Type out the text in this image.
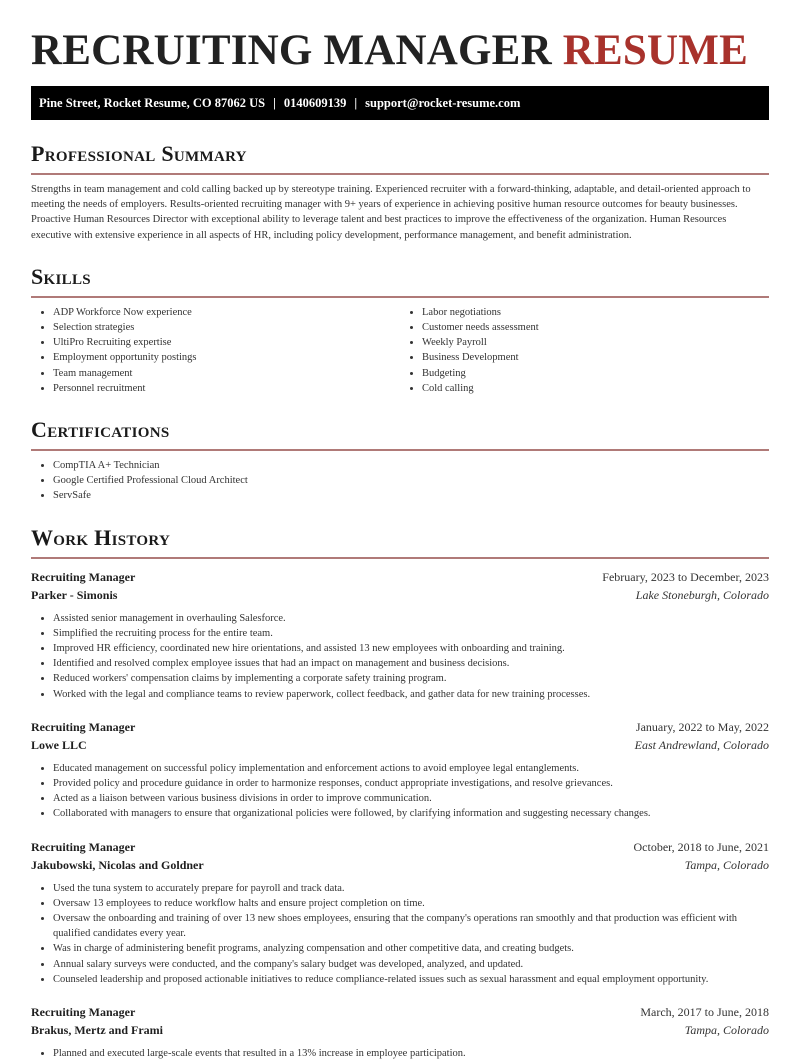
RECRUITING MANAGER RESUME
Pine Street, Rocket Resume, CO 87062 US | 0140609139 | support@rocket-resume.com
Professional Summary

Strengths in team management and cold calling backed up by stereotype training. Experienced recruiter with a forward-thinking, adaptable, and detail-oriented approach to meeting the needs of employers. Results-oriented recruiting manager with 9+ years of experience in achieving positive human resource outcomes for beauty businesses. Proactive Human Resources Director with exceptional ability to leverage talent and best practices to improve the effectiveness of the organization. Human Resources executive with extensive experience in all aspects of HR, including policy development, performance management, and benefit administration.

Skills
• ADP Workforce Now experience
• Selection strategies
• UltiPro Recruiting expertise
• Employment opportunity postings
• Team management
• Personnel recruitment
• Labor negotiations
• Customer needs assessment
• Weekly Payroll
• Business Development
• Budgeting
• Cold calling
Certifications
• CompTIA A+ Technician
• Google Certified Professional Cloud Architect
• ServSafe
Work History
Recruiting Manager	February, 2023 to December, 2023
Parker - Simonis	Lake Stoneburgh, Colorado
• Assisted senior management in overhauling Salesforce.
• Simplified the recruiting process for the entire team.
• Improved HR efficiency, coordinated new hire orientations, and assisted 13 new employees with onboarding and training.
• Identified and resolved complex employee issues that had an impact on management and business decisions.
• Reduced workers' compensation claims by implementing a corporate safety training program.
• Worked with the legal and compliance teams to review paperwork, collect feedback, and gather data for new training processes.
Recruiting Manager	January, 2022 to May, 2022
Lowe LLC	East Andrewland, Colorado
• Educated management on successful policy implementation and enforcement actions to avoid employee legal entanglements.
• Provided policy and procedure guidance in order to harmonize responses, conduct appropriate investigations, and resolve grievances.
• Acted as a liaison between various business divisions in order to improve communication.
• Collaborated with managers to ensure that organizational policies were followed, by clarifying information and suggesting necessary changes.
Recruiting Manager	October, 2018 to June, 2021
Jakubowski, Nicolas and Goldner	Tampa, Colorado
• Used the tuna system to accurately prepare for payroll and track data.
• Oversaw 13 employees to reduce workflow halts and ensure project completion on time.
• Oversaw the onboarding and training of over 13 new shoes employees, ensuring that the company's operations ran smoothly and that production was efficient with qualified candidates every year.
• Was in charge of administering benefit programs, analyzing compensation and other competitive data, and creating budgets.
• Annual salary surveys were conducted, and the company's salary budget was developed, analyzed, and updated.
• Counseled leadership and proposed actionable initiatives to reduce compliance-related issues such as sexual harassment and equal employment opportunity.
Recruiting Manager	March, 2017 to June, 2018
Brakus, Mertz and Frami	Tampa, Colorado
• Planned and executed large-scale events that resulted in a 13% increase in employee participation.
